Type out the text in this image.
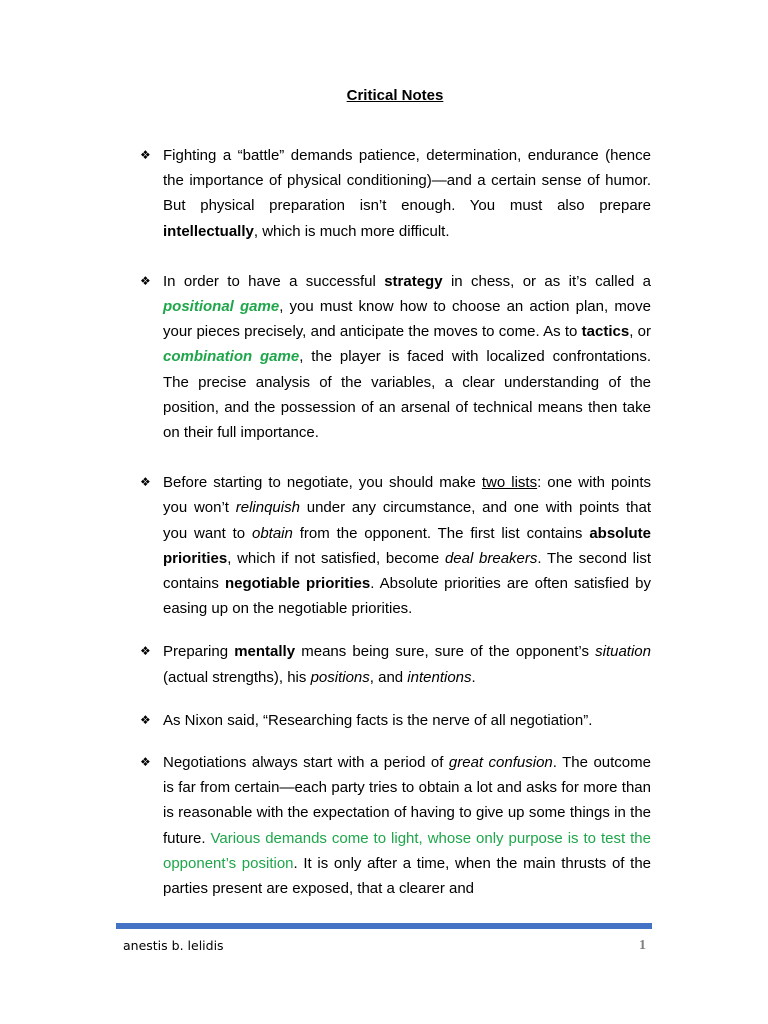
Critical Notes
❖ Fighting a “battle” demands patience, determination, endurance (hence the importance of physical conditioning)—and a certain sense of humor. But physical preparation isn’t enough. You must also prepare intellectually, which is much more difficult.
❖ In order to have a successful strategy in chess, or as it’s called a positional game, you must know how to choose an action plan, move your pieces precisely, and anticipate the moves to come. As to tactics, or combination game, the player is faced with localized confrontations. The precise analysis of the variables, a clear understanding of the position, and the possession of an arsenal of technical means then take on their full importance.
❖ Before starting to negotiate, you should make two lists: one with points you won’t relinquish under any circumstance, and one with points that you want to obtain from the opponent. The first list contains absolute priorities, which if not satisfied, become deal breakers. The second list contains negotiable priorities. Absolute priorities are often satisfied by easing up on the negotiable priorities.
❖ Preparing mentally means being sure, sure of the opponent’s situation (actual strengths), his positions, and intentions.
❖ As Nixon said, “Researching facts is the nerve of all negotiation”.
❖ Negotiations always start with a period of great confusion. The outcome is far from certain—each party tries to obtain a lot and asks for more than is reasonable with the expectation of having to give up some things in the future. Various demands come to light, whose only purpose is to test the opponent’s position. It is only after a time, when the main thrusts of the parties present are exposed, that a clearer and
anestis b. lelidis	1
